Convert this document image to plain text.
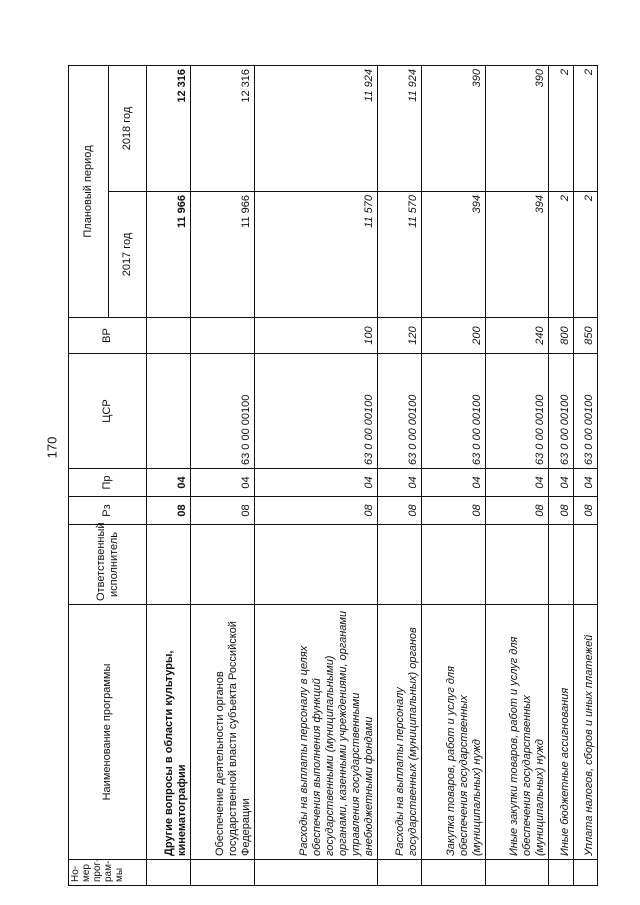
170
Но-мер прог-рам-мы	Наименование программы	Ответственный исполнитель	Рз	Пр	ЦСР	ВР	Плановый период	
							2017 год	2018 год
	Другие вопросы в области культуры, кинематографии		08	04			11 966	12 316
	Обеспечение деятельности органов государственной власти субъекта Российской Федерации		08	04	63 0 00 00100		11 966	12 316
	Расходы на выплаты персоналу в целях обеспечения выполнения функций государственными (муниципальными) органами, казенными учреждениями, органами управления государственными внебюджетными фондами		08	04	63 0 00 00100	100	11 570	11 924
	Расходы на выплаты персоналу государственных (муниципальных) органов		08	04	63 0 00 00100	120	11 570	11 924
	Закупка товаров, работ и услуг для обеспечения государственных (муниципальных) нужд		08	04	63 0 00 00100	200	394	390
	Иные закупки товаров, работ и услуг для обеспечения государственных (муниципальных) нужд		08	04	63 0 00 00100	240	394	390
	Иные бюджетные ассигнования		08	04	63 0 00 00100	800	2	2
	Уплата налогов, сборов и иных платежей		08	04	63 0 00 00100	850	2	2
